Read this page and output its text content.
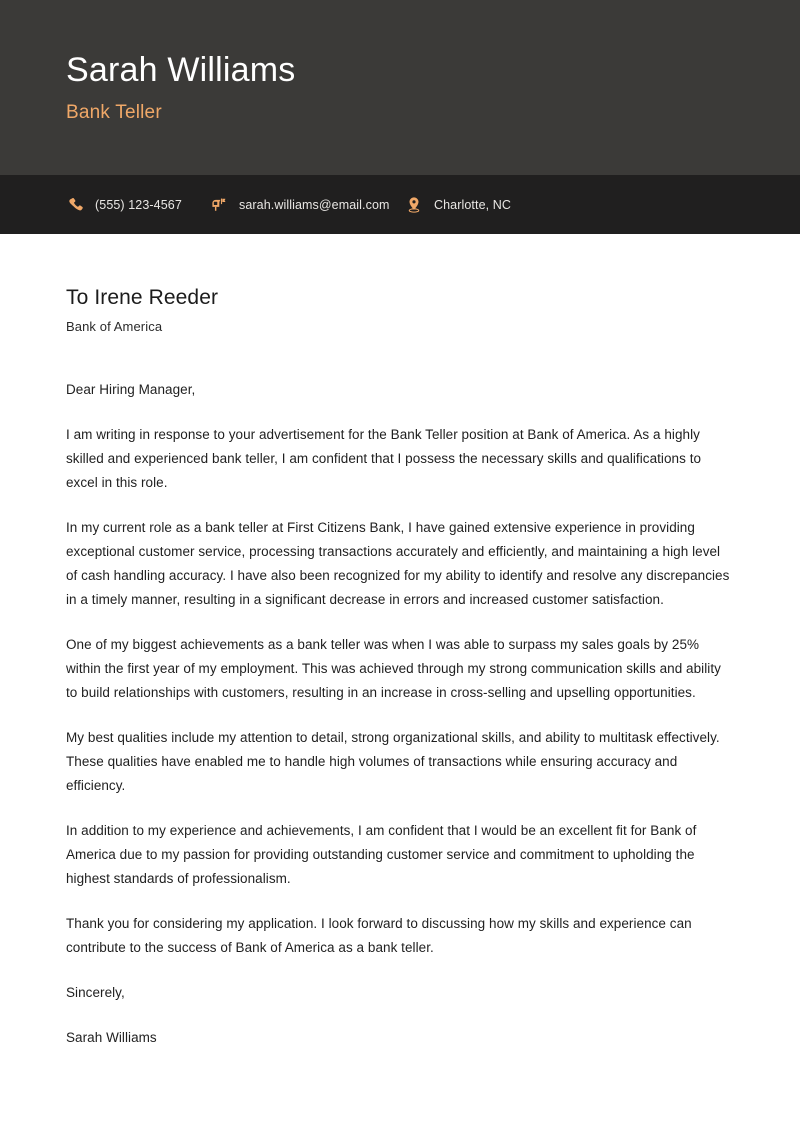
Sarah Williams
Bank Teller
(555) 123-4567	sarah.williams@email.com	Charlotte, NC
To Irene Reeder
Bank of America
Dear Hiring Manager,

I am writing in response to your advertisement for the Bank Teller position at Bank of America. As a highly skilled and experienced bank teller, I am confident that I possess the necessary skills and qualifications to excel in this role.

In my current role as a bank teller at First Citizens Bank, I have gained extensive experience in providing exceptional customer service, processing transactions accurately and efficiently, and maintaining a high level of cash handling accuracy. I have also been recognized for my ability to identify and resolve any discrepancies in a timely manner, resulting in a significant decrease in errors and increased customer satisfaction.

One of my biggest achievements as a bank teller was when I was able to surpass my sales goals by 25% within the first year of my employment. This was achieved through my strong communication skills and ability to build relationships with customers, resulting in an increase in cross-selling and upselling opportunities.

My best qualities include my attention to detail, strong organizational skills, and ability to multitask effectively. These qualities have enabled me to handle high volumes of transactions while ensuring accuracy and efficiency.

In addition to my experience and achievements, I am confident that I would be an excellent fit for Bank of America due to my passion for providing outstanding customer service and commitment to upholding the highest standards of professionalism.

Thank you for considering my application. I look forward to discussing how my skills and experience can contribute to the success of Bank of America as a bank teller.

Sincerely,
Sarah Williams
